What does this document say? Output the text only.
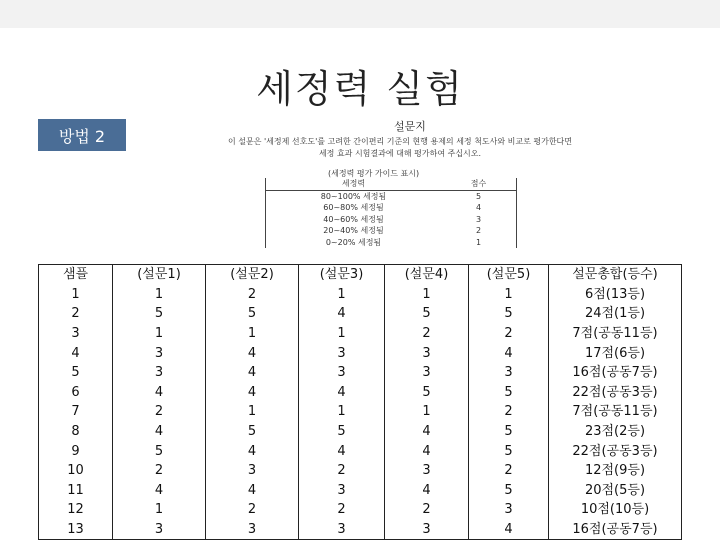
세정력 실험
방법 2	설문지
이 설문은 '세정제 선호도'를 고려한 간이편리 기준의 현행 용제의 세정 척도사와 비교로 평가한다면
세정 효과 시험결과에 대해 평가하여 주십시오.
(세정력 평가 가이드 표시)
세정력	점수
80~100% 세정됨	5
60~80% 세정됨	4
40~60% 세정됨	3
20~40% 세정됨	2
0~20% 세정됨	1
샘플	(설문1)	(설문2)	(설문3)	(설문4)	(설문5)	설문총합(등수)
1	1	2	1	1	1	6점(13등)
2	5	5	4	5	5	24점(1등)
3	1	1	1	2	2	7점(공동11등)
4	3	4	3	3	4	17점(6등)
5	3	4	3	3	3	16점(공동7등)
6	4	4	4	5	5	22점(공동3등)
7	2	1	1	1	2	7점(공동11등)
8	4	5	5	4	5	23점(2등)
9	5	4	4	4	5	22점(공동3등)
10	2	3	2	3	2	12점(9등)
11	4	4	3	4	5	20점(5등)
12	1	2	2	2	3	10점(10등)
13	3	3	3	3	4	16점(공동7등)
